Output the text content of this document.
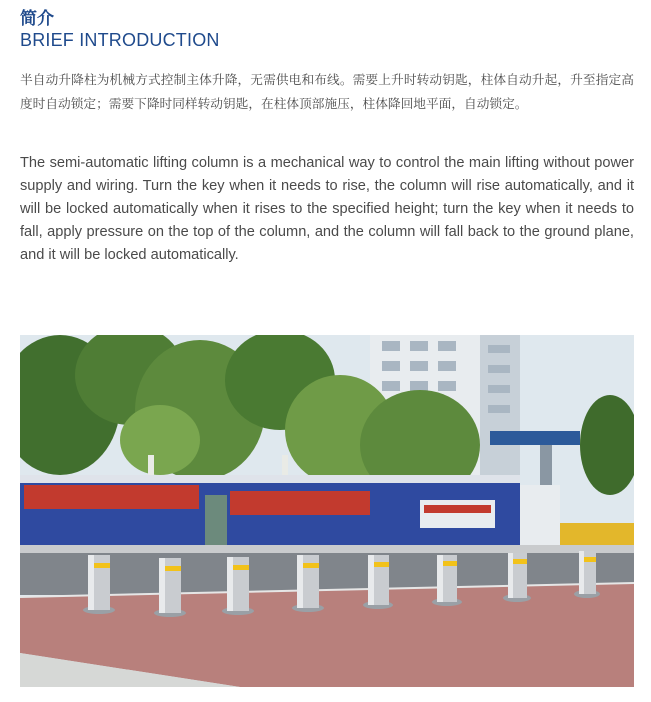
简介
BRIEF INTRODUCTION
半自动升降柱为机械方式控制主体升降，无需供电和布线。需要上升时转动钥匙，柱体自动升起，升至指定高度时自动锁定；需要下降时同样转动钥匙，在柱体顶部施压，柱体降回地平面，自动锁定。
The semi-automatic lifting column is a mechanical way to control the main lifting without power supply and wiring. Turn the key when it needs to rise, the column will rise automatically, and it will be locked automatically when it rises to the specified height; turn the key when it needs to fall, apply pressure on the top of the column, and the column will fall back to the ground plane, and it will be locked automatically.
